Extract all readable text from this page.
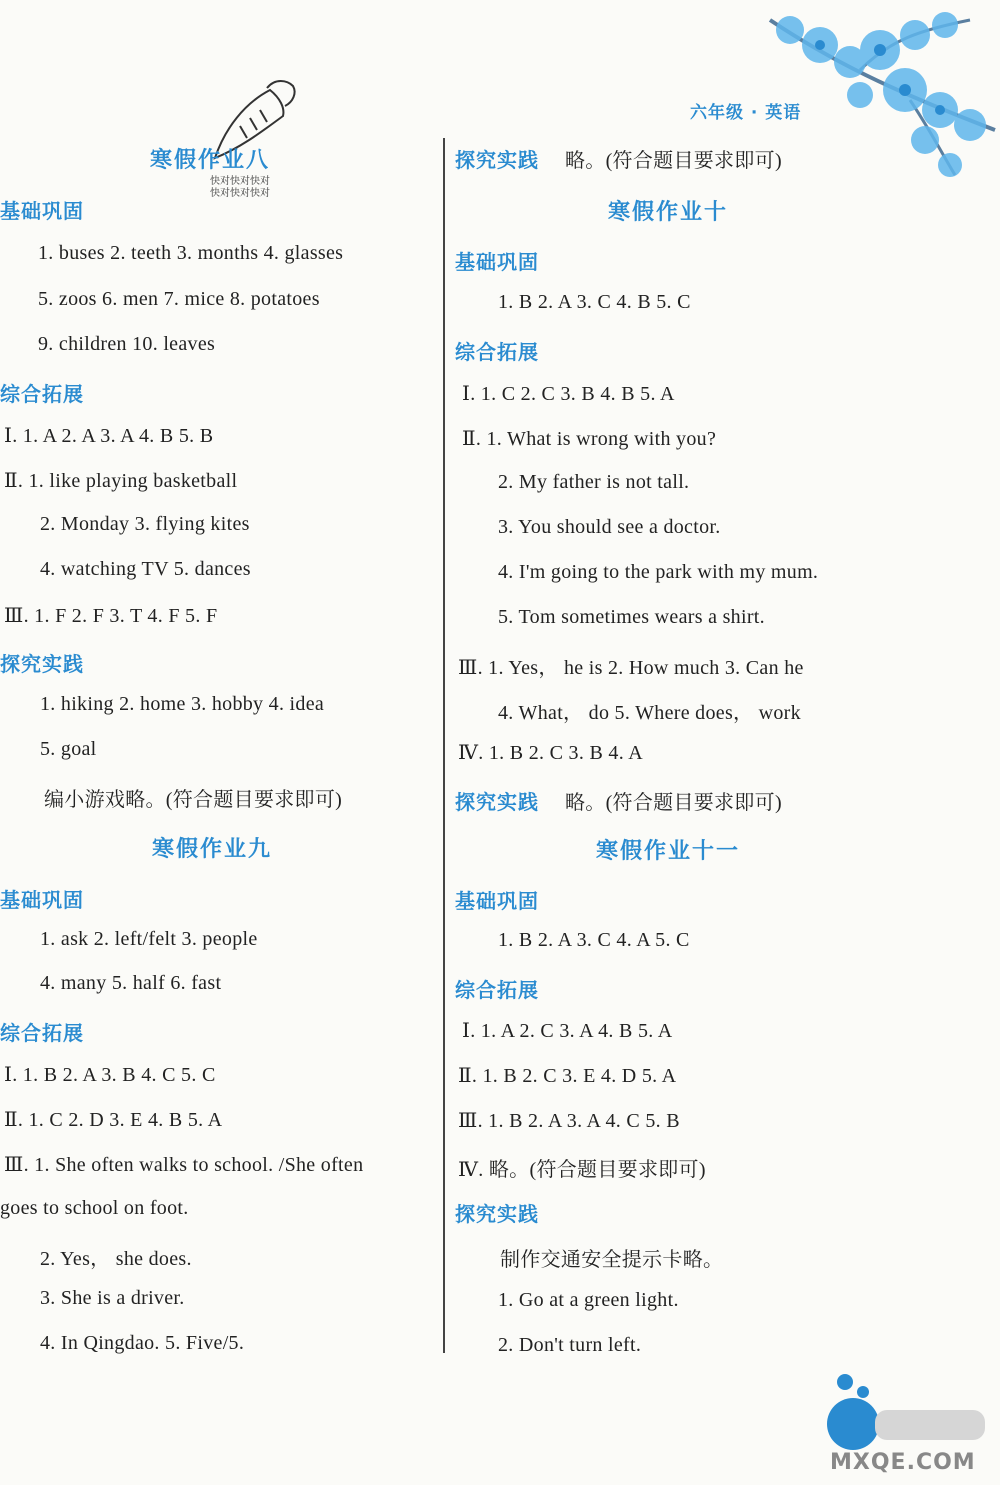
六年级 · 英语
快对快对快对
快对快对快对
寒假作业八
基础巩固
1. buses 2. teeth 3. months 4. glasses
5. zoos 6. men 7. mice 8. potatoes
9. children 10. leaves
综合拓展
Ⅰ. 1. A 2. A 3. A 4. B 5. B
Ⅱ. 1. like playing basketball
2. Monday 3. flying kites
4. watching TV 5. dances
Ⅲ. 1. F 2. F 3. T 4. F 5. F
探究实践
1. hiking 2. home 3. hobby 4. idea
5. goal
编小游戏略。(符合题目要求即可)
寒假作业九
基础巩固
1. ask 2. left/felt 3. people
4. many 5. half 6. fast
综合拓展
Ⅰ. 1. B 2. A 3. B 4. C 5. C
Ⅱ. 1. C 2. D 3. E 4. B 5. A
Ⅲ. 1. She often walks to school. /She often
goes to school on foot.
2. Yes， she does.
3. She is a driver.
4. In Qingdao. 5. Five/5.
探究实践 略。(符合题目要求即可)
寒假作业十
基础巩固
1. B 2. A 3. C 4. B 5. C
综合拓展
Ⅰ. 1. C 2. C 3. B 4. B 5. A
Ⅱ. 1. What is wrong with you?
2. My father is not tall.
3. You should see a doctor.
4. I'm going to the park with my mum.
5. Tom sometimes wears a shirt.
Ⅲ. 1. Yes， he is 2. How much 3. Can he
4. What， do 5. Where does， work
Ⅳ. 1. B 2. C 3. B 4. A
探究实践 略。(符合题目要求即可)
寒假作业十一
基础巩固
1. B 2. A 3. C 4. A 5. C
综合拓展
Ⅰ. 1. A 2. C 3. A 4. B 5. A
Ⅱ. 1. B 2. C 3. E 4. D 5. A
Ⅲ. 1. B 2. A 3. A 4. C 5. B
Ⅳ. 略。(符合题目要求即可)
探究实践
制作交通安全提示卡略。
1. Go at a green light.
2. Don't turn left.
MXQE.COM
